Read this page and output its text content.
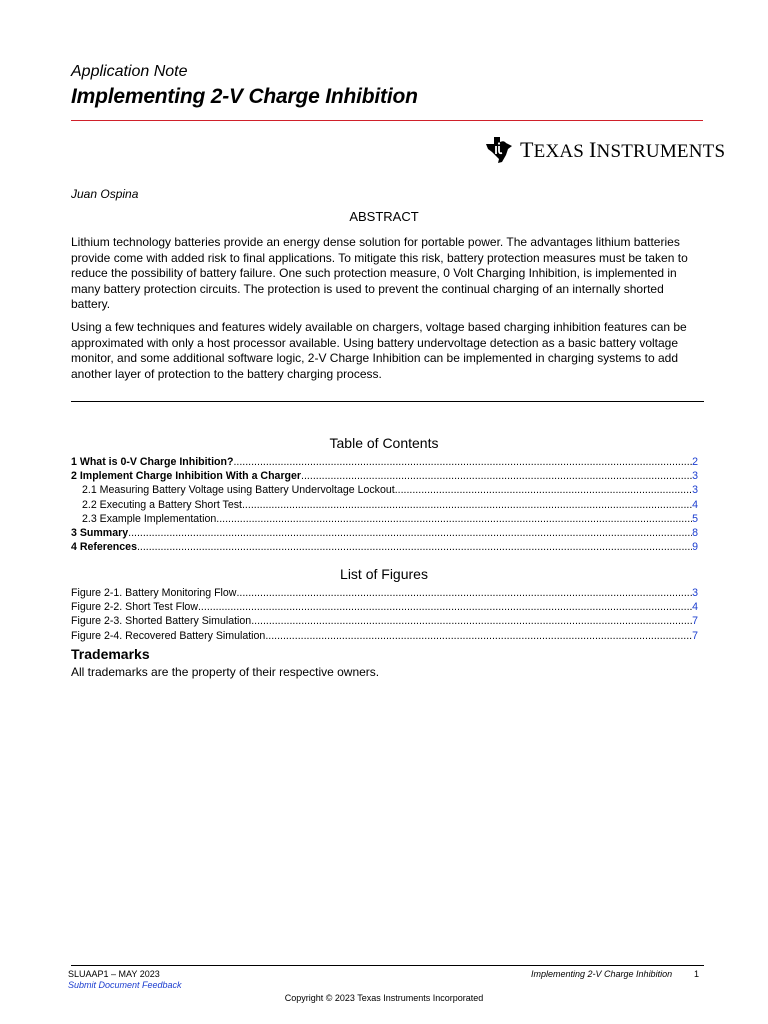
Application Note
Implementing 2-V Charge Inhibition
TEXAS INSTRUMENTS
Juan Ospina
ABSTRACT
Lithium technology batteries provide an energy dense solution for portable power. The advantages lithium batteries provide come with added risk to final applications. To mitigate this risk, battery protection measures must be taken to reduce the possibility of battery failure. One such protection measure, 0 Volt Charging Inhibition, is implemented in many battery protection circuits. The protection is used to prevent the continual charging of an internally shorted battery.
Using a few techniques and features widely available on chargers, voltage based charging inhibition features can be approximated with only a host processor available. Using battery undervoltage detection as a basic battery voltage monitor, and some additional software logic, 2-V Charge Inhibition can be implemented in charging systems to add another layer of protection to the battery charging process.
Table of Contents
1 What is 0-V Charge Inhibition? .....	2
2 Implement Charge Inhibition With a Charger .....	3
2.1 Measuring Battery Voltage using Battery Undervoltage Lockout .....	3
2.2 Executing a Battery Short Test .....	4
2.3 Example Implementation .....	5
3 Summary .....	8
4 References .....	9
List of Figures
Figure 2-1. Battery Monitoring Flow .....	3
Figure 2-2. Short Test Flow .....	4
Figure 2-3. Shorted Battery Simulation .....	7
Figure 2-4. Recovered Battery Simulation .....	7
Trademarks
All trademarks are the property of their respective owners.
SLUAAP1 – MAY 2023
Submit Document Feedback
Implementing 2-V Charge Inhibition 1
Copyright © 2023 Texas Instruments Incorporated
